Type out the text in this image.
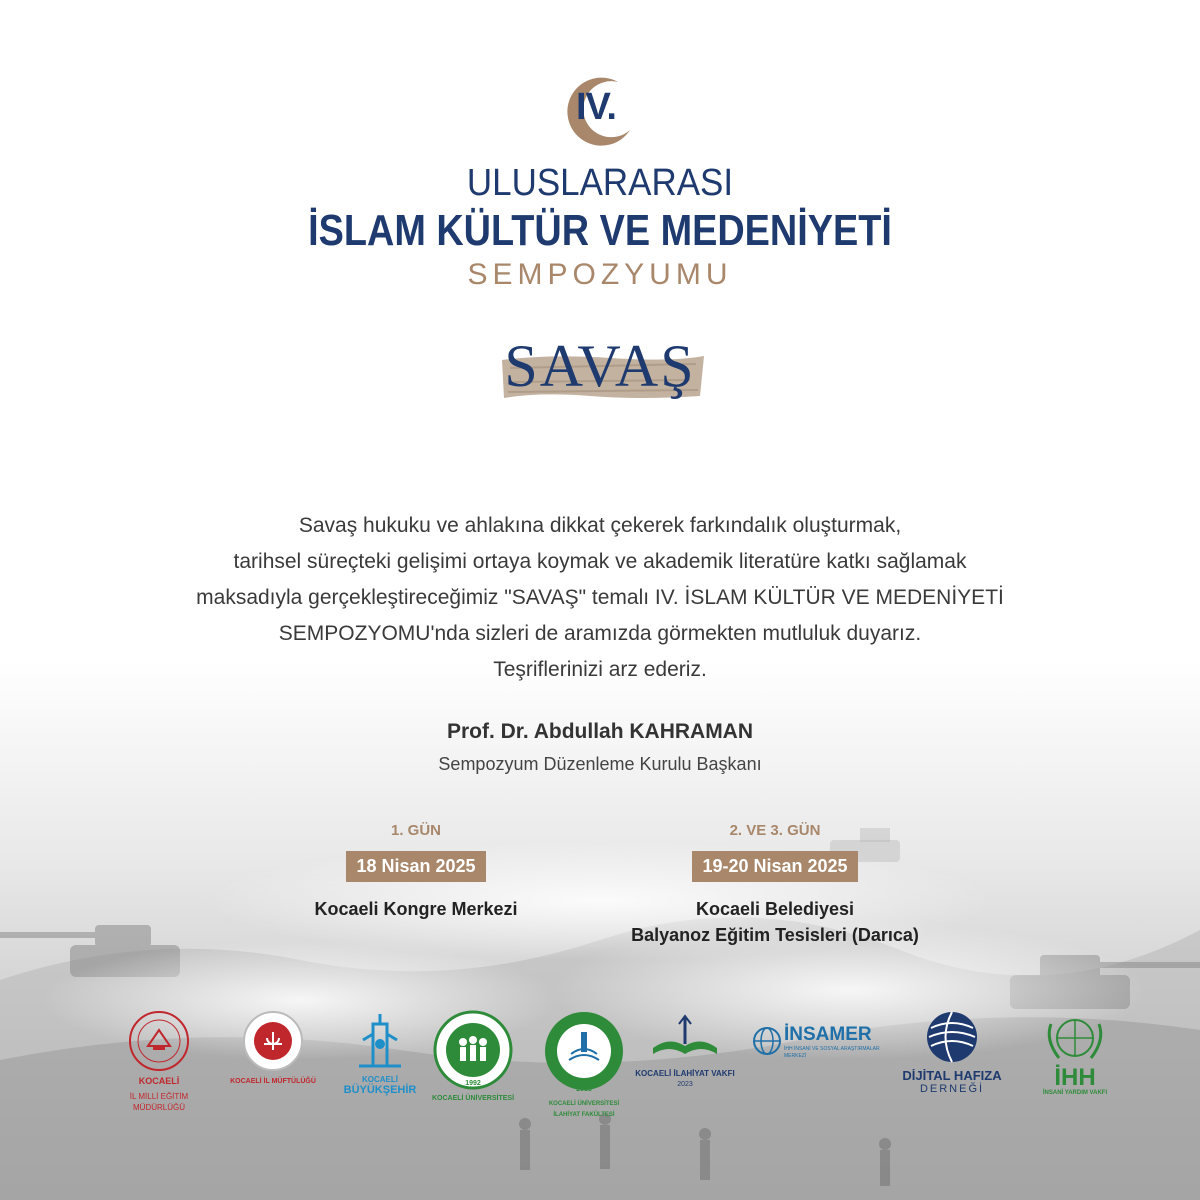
IV.
ULUSLARARASI
İSLAM KÜLTÜR VE MEDENİYETİ
SEMPOZYUMU
SAVAŞ
Savaş hukuku ve ahlakına dikkat çekerek farkındalık oluşturmak,
tarihsel süreçteki gelişimi ortaya koymak ve akademik literatüre katkı sağlamak
maksadıyla gerçekleştireceğimiz "SAVAŞ" temalı IV. İSLAM KÜLTÜR VE MEDENİYETİ
SEMPOZYOMU'nda sizleri de aramızda görmekten mutluluk duyarız.
Teşriflerinizi arz ederiz.
Prof. Dr. Abdullah KAHRAMAN
Sempozyum Düzenleme Kurulu Başkanı
1. GÜN
18 Nisan 2025
Kocaeli Kongre Merkezi
2. VE 3. GÜN
19-20 Nisan 2025
Kocaeli Belediyesi
Balyanoz Eğitim Tesisleri (Darıca)
KOCAELİ
İL MİLLİ EĞİTİM MÜDÜRLÜĞÜ
KOCAELİ İL MÜFTÜLÜĞÜ	KOCAELİ
BÜYÜKŞEHİR
1992
KOCAELİ ÜNİVERSİTESİ
2013
KOCAELİ ÜNİVERSİTESİ
İLAHİYAT FAKÜLTESİ
KOCAELİ İLAHİYAT VAKFI
2023
İNSAMER
İHH İNSANİ VE SOSYAL ARAŞTIRMALAR MERKEZİ
DİJİTAL HAFIZA
DERNEĞİ	İHH
İNSANİ YARDIM VAKFI
